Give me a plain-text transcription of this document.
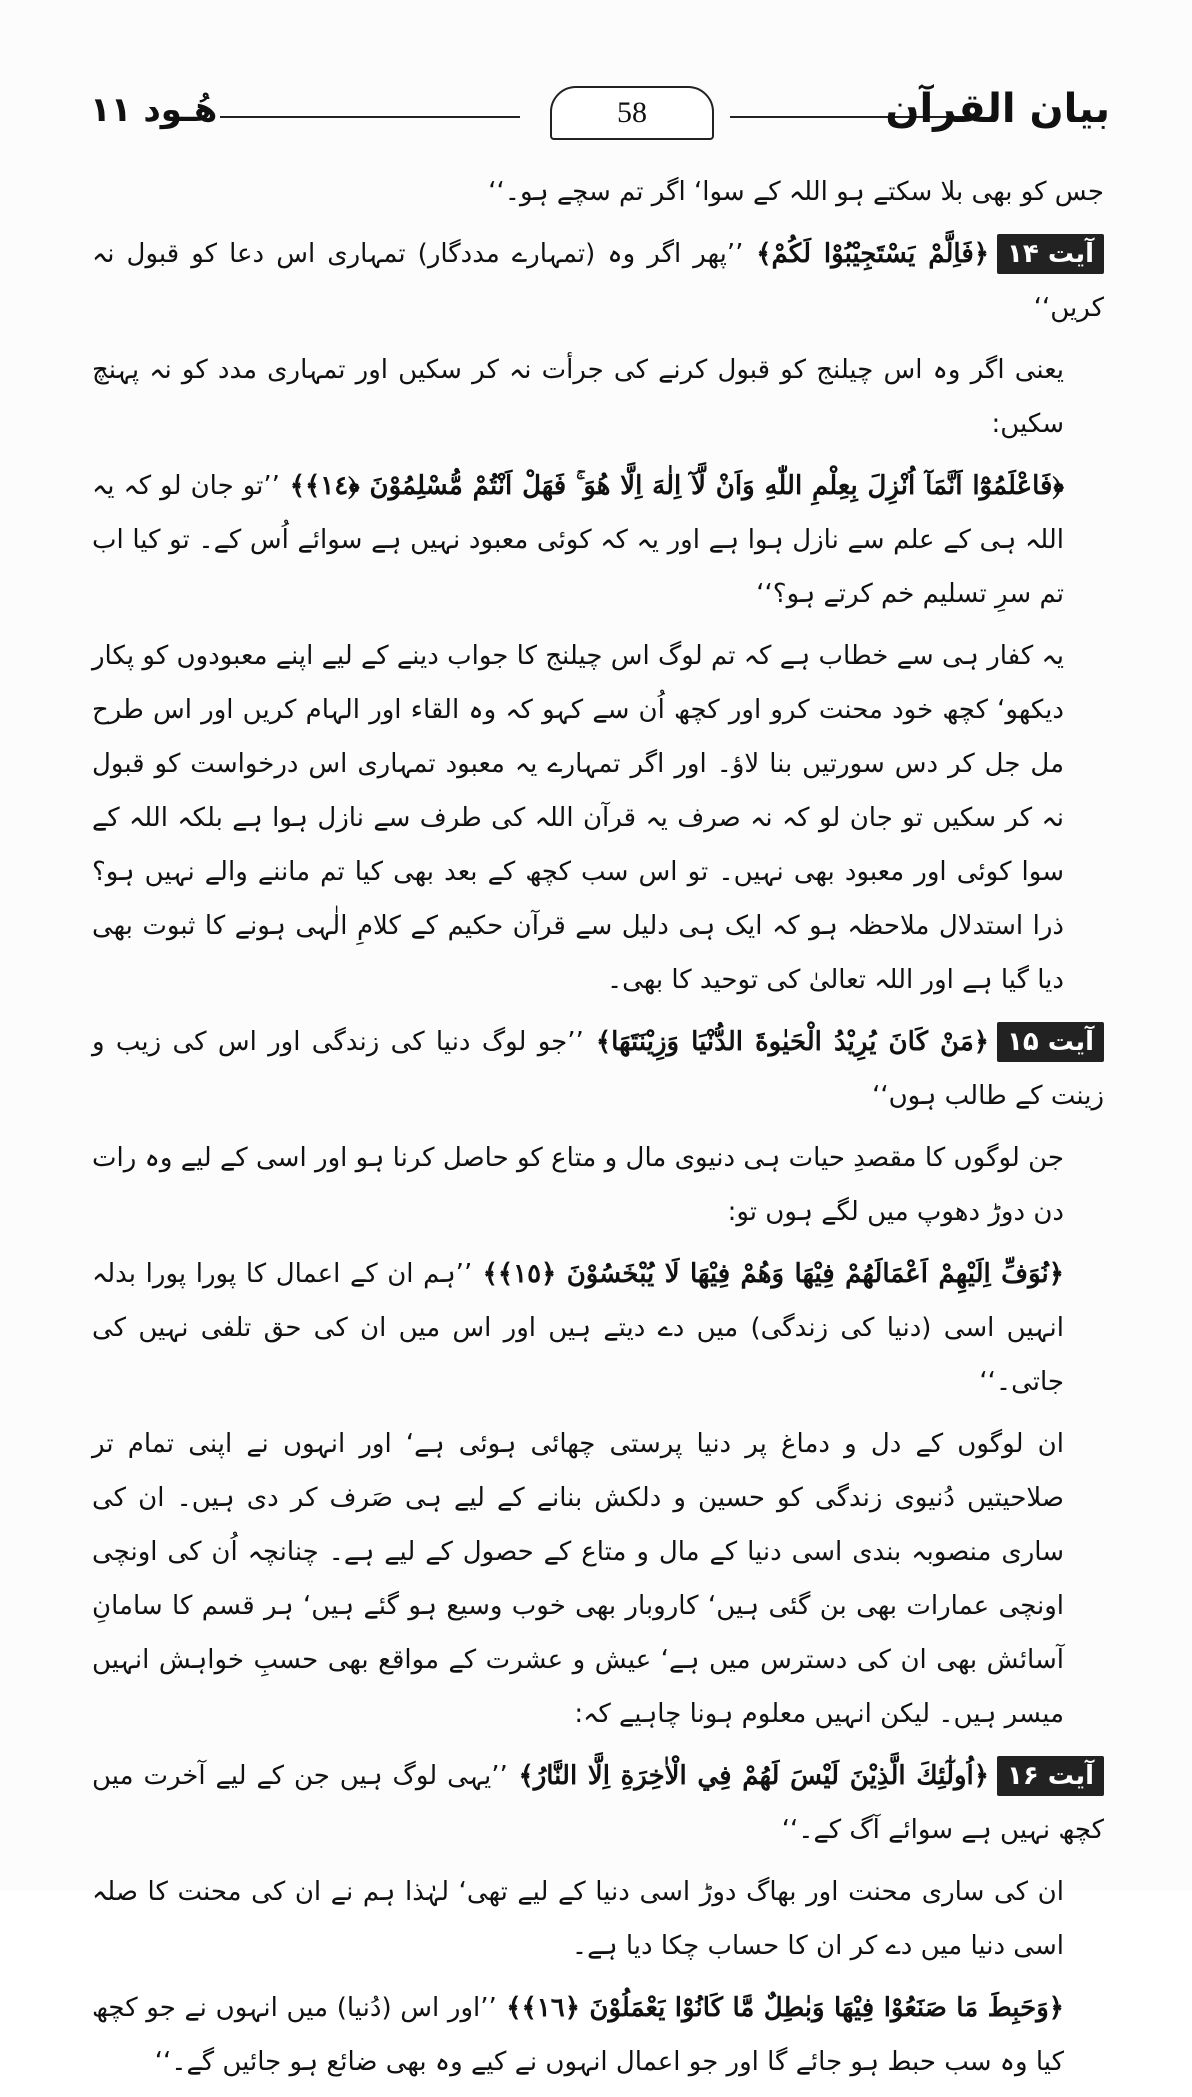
هُـود ۱۱	58	بیان القرآن

جس کو بھی بلا سکتے ہو اللہ کے سوا‘ اگر تم سچے ہو۔‘‘

آیت ۱۴﴿فَاِلَّمْ يَسْتَجِيْبُوْا لَكُمْ﴾ ’’پھر اگر وہ (تمہارے مددگار) تمہاری اس دعا کو قبول نہ کریں‘‘

یعنی اگر وہ اس چیلنج کو قبول کرنے کی جرأت نہ کر سکیں اور تمہاری مدد کو نہ پہنچ سکیں:

﴿فَاعْلَمُوْٓا اَنَّمَآ اُنْزِلَ بِعِلْمِ اللّٰهِ وَاَنْ لَّآ اِلٰهَ اِلَّا هُوَ ۚ فَهَلْ اَنْتُمْ مُّسْلِمُوْنَ ﴿١٤﴾﴾ ’’تو جان لو کہ یہ اللہ ہی کے علم سے نازل ہوا ہے اور یہ کہ کوئی معبود نہیں ہے سوائے اُس کے۔ تو کیا اب تم سرِ تسلیم خم کرتے ہو؟‘‘

یہ کفار ہی سے خطاب ہے کہ تم لوگ اس چیلنج کا جواب دینے کے لیے اپنے معبودوں کو پکار دیکھو‘ کچھ خود محنت کرو اور کچھ اُن سے کہو کہ وہ القاء اور الہام کریں اور اس طرح مل جل کر دس سورتیں بنا لاؤ۔ اور اگر تمہارے یہ معبود تمہاری اس درخواست کو قبول نہ کر سکیں تو جان لو کہ نہ صرف یہ قرآن اللہ کی طرف سے نازل ہوا ہے بلکہ اللہ کے سوا کوئی اور معبود بھی نہیں۔ تو اس سب کچھ کے بعد بھی کیا تم ماننے والے نہیں ہو؟ ذرا استدلال ملاحظہ ہو کہ ایک ہی دلیل سے قرآن حکیم کے کلامِ الٰہی ہونے کا ثبوت بھی دیا گیا ہے اور اللہ تعالیٰ کی توحید کا بھی۔

آیت ۱۵﴿مَنْ كَانَ يُرِيْدُ الْحَيٰوةَ الدُّنْيَا وَزِيْنَتَهَا﴾ ’’جو لوگ دنیا کی زندگی اور اس کی زیب و زینت کے طالب ہوں‘‘

جن لوگوں کا مقصدِ حیات ہی دنیوی مال و متاع کو حاصل کرنا ہو اور اسی کے لیے وہ رات دن دوڑ دھوپ میں لگے ہوں تو:

﴿نُوَفِّ اِلَيْهِمْ اَعْمَالَهُمْ فِيْهَا وَهُمْ فِيْهَا لَا يُبْخَسُوْنَ ﴿١٥﴾﴾ ’’ہم ان کے اعمال کا پورا پورا بدلہ انہیں اسی (دنیا کی زندگی) میں دے دیتے ہیں اور اس میں ان کی حق تلفی نہیں کی جاتی۔‘‘

ان لوگوں کے دل و دماغ پر دنیا پرستی چھائی ہوئی ہے‘ اور انہوں نے اپنی تمام تر صلاحیتیں دُنیوی زندگی کو حسین و دلکش بنانے کے لیے ہی صَرف کر دی ہیں۔ ان کی ساری منصوبہ بندی اسی دنیا کے مال و متاع کے حصول کے لیے ہے۔ چنانچہ اُن کی اونچی اونچی عمارات بھی بن گئی ہیں‘ کاروبار بھی خوب وسیع ہو گئے ہیں‘ ہر قسم کا سامانِ آسائش بھی ان کی دسترس میں ہے‘ عیش و عشرت کے مواقع بھی حسبِ خواہش انہیں میسر ہیں۔ لیکن انہیں معلوم ہونا چاہیے کہ:

آیت ۱۶﴿اُولٰٓئِكَ الَّذِيْنَ لَيْسَ لَهُمْ فِي الْاٰخِرَةِ اِلَّا النَّارُ﴾ ’’یہی لوگ ہیں جن کے لیے آخرت میں کچھ نہیں ہے سوائے آگ کے۔‘‘

ان کی ساری محنت اور بھاگ دوڑ اسی دنیا کے لیے تھی‘ لہٰذا ہم نے ان کی محنت کا صلہ اسی دنیا میں دے کر ان کا حساب چکا دیا ہے۔

﴿وَحَبِطَ مَا صَنَعُوْا فِيْهَا وَبٰطِلٌ مَّا كَانُوْا يَعْمَلُوْنَ ﴿١٦﴾﴾ ’’اور اس (دُنیا) میں انہوں نے جو کچھ کیا وہ سب حبط ہو جائے گا اور جو اعمال انہوں نے کیے وہ بھی ضائع ہو جائیں گے۔‘‘
